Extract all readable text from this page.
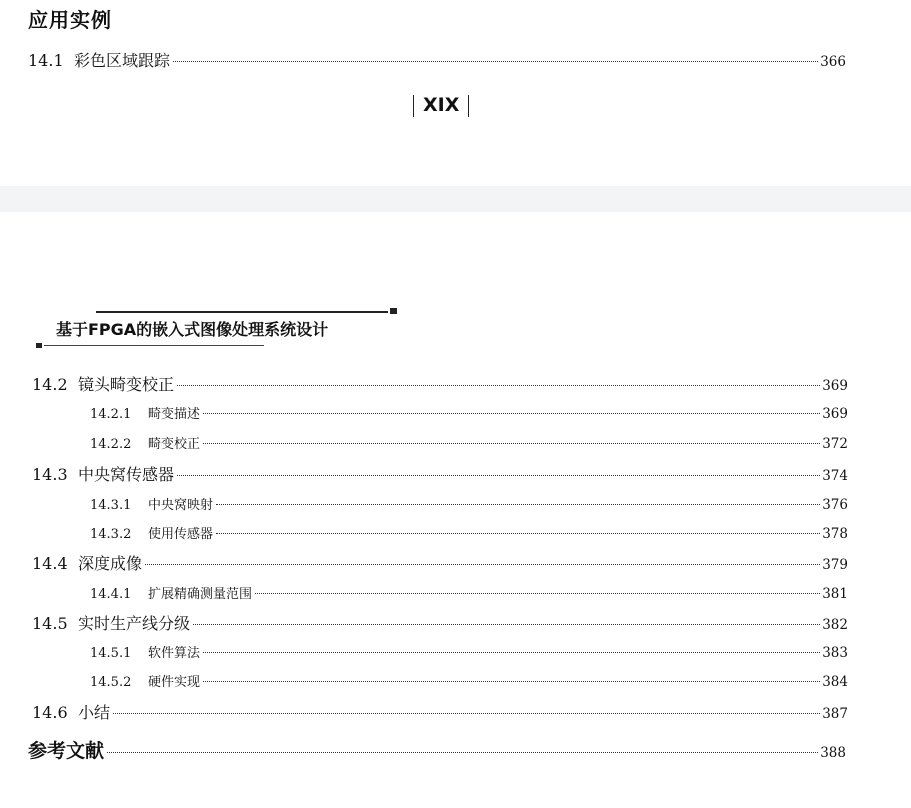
应用实例
14.1 彩色区域跟踪	366
XIX
基于FPGA的嵌入式图像处理系统设计
14.2 镜头畸变校正	369
14.2.1	畸变描述	369
14.2.2	畸变校正	372
14.3 中央窝传感器	374
14.3.1	中央窝映射	376
14.3.2	使用传感器	378
14.4 深度成像	379
14.4.1	扩展精确测量范围	381
14.5 实时生产线分级	382
14.5.1	软件算法	383
14.5.2	硬件实现	384
14.6 小结	387
参考文献	388
